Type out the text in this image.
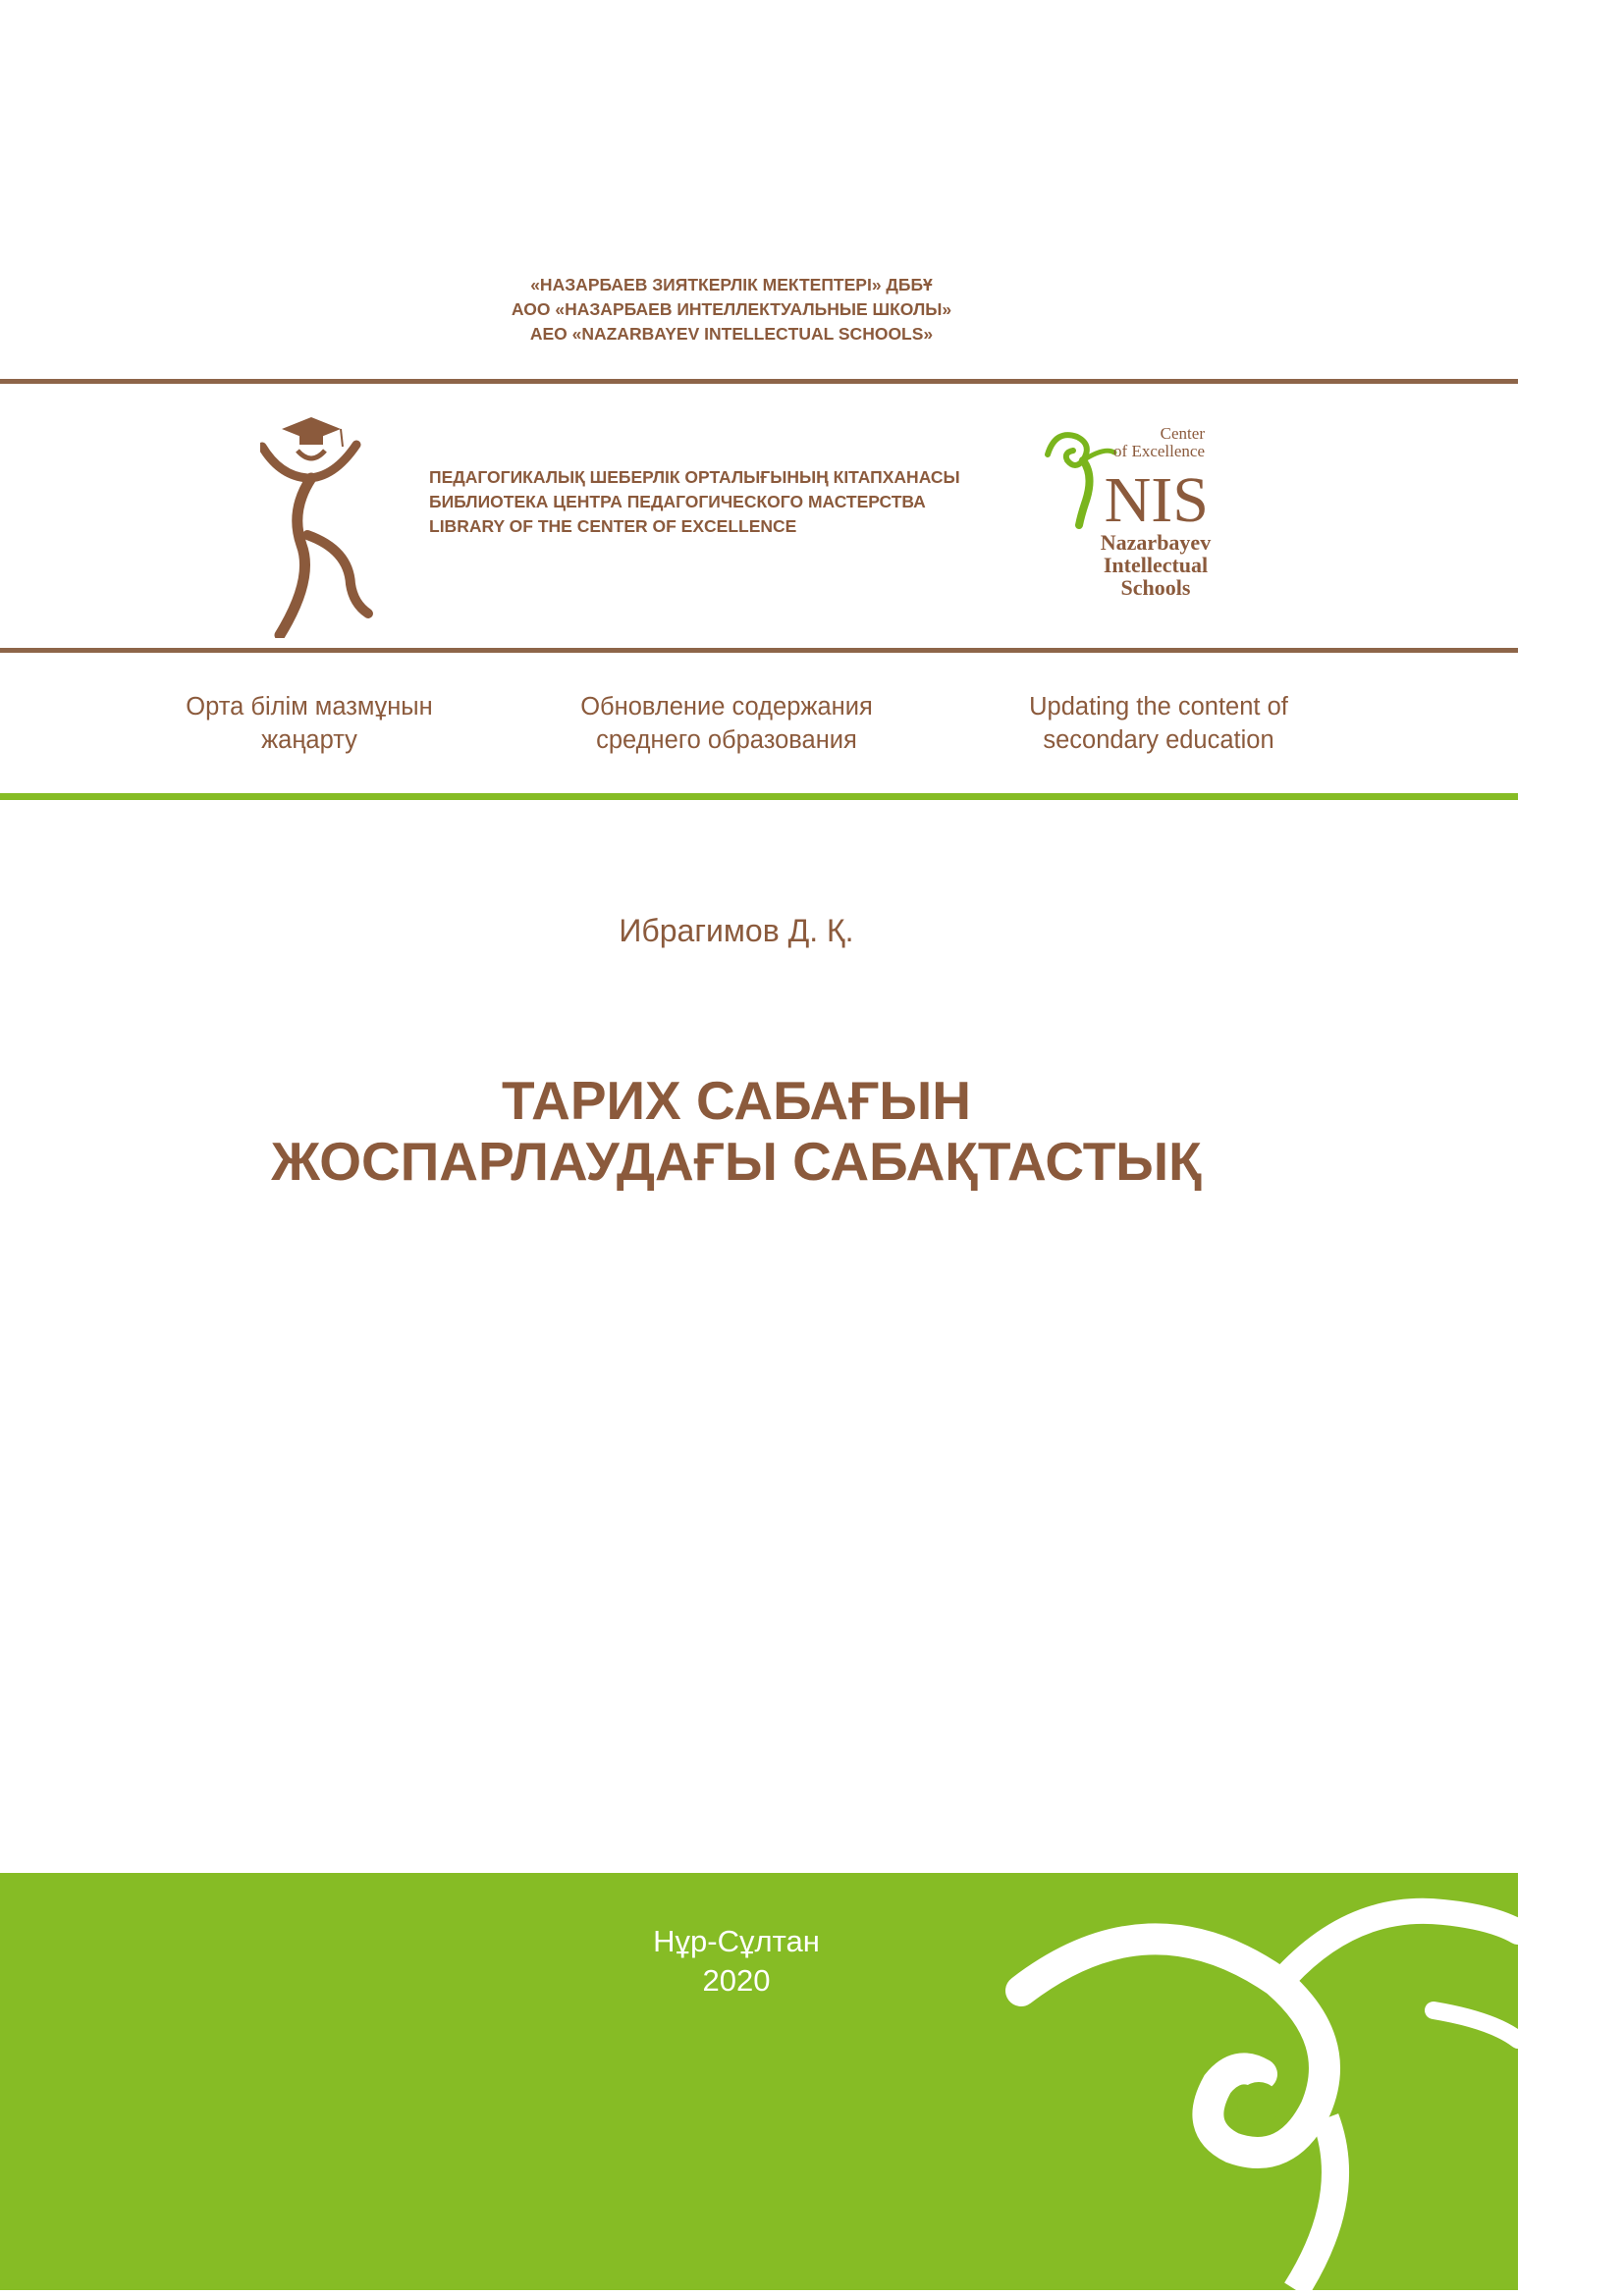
«НАЗАРБАЕВ ЗИЯТКЕРЛІК МЕКТЕПТЕРІ» ДББҰ
АОО «НАЗАРБАЕВ ИНТЕЛЛЕКТУАЛЬНЫЕ ШКОЛЫ»
AEO «NAZARBAYEV INTELLECTUAL SCHOOLS»
ПЕДАГОГИКАЛЫҚ ШЕБЕРЛІК ОРТАЛЫҒЫНЫҢ КІТАПХАНАСЫ
БИБЛИОТЕКА ЦЕНТРА ПЕДАГОГИЧЕСКОГО МАСТЕРСТВА
LIBRARY OF THE CENTER OF EXCELLENCE
Center
of Excellence
NIS
Nazarbayev
Intellectual
Schools
Орта білім мазмұнын
жаңарту
Обновление содержания
среднего образования
Updating the content of
secondary education
Ибрагимов Д. Қ.
ТАРИХ САБАҒЫН
ЖОСПАРЛАУДАҒЫ САБАҚТАСТЫҚ
Нұр-Сұлтан
2020
